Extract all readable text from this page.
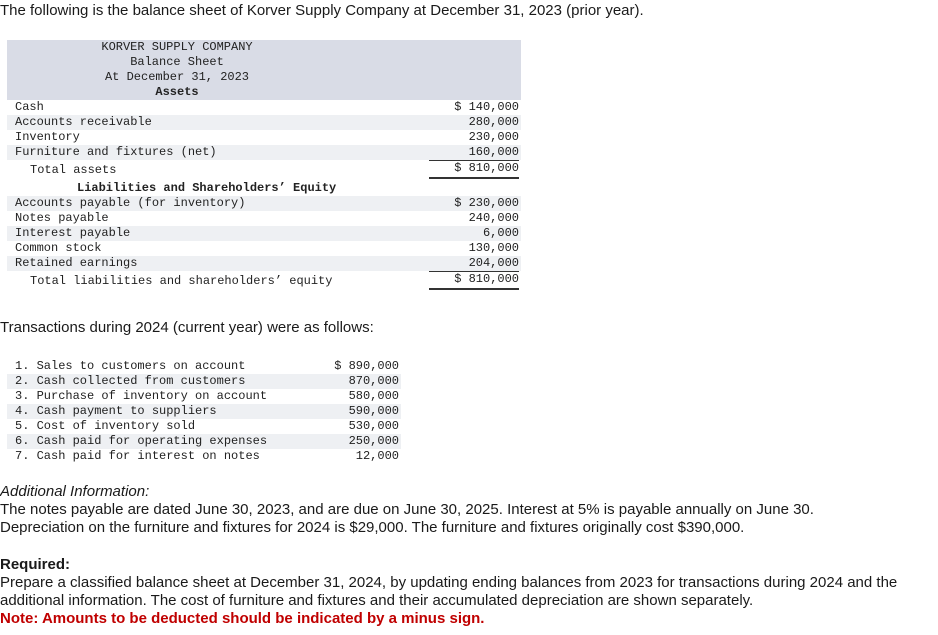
The following is the balance sheet of Korver Supply Company at December 31, 2023 (prior year).
KORVER SUPPLY COMPANY
Balance Sheet
At December 31, 2023
Assets
Cash	$ 140,000
Accounts receivable	280,000
Inventory	230,000
Furniture and fixtures (net)	160,000
Total assets	$ 810,000
Liabilities and Shareholders’ Equity
Accounts payable (for inventory)	$ 230,000
Notes payable	240,000
Interest payable	6,000
Common stock	130,000
Retained earnings	204,000
Total liabilities and shareholders’ equity	$ 810,000
Transactions during 2024 (current year) were as follows:
1. Sales to customers on account	$ 890,000
2. Cash collected from customers	870,000
3. Purchase of inventory on account	580,000
4. Cash payment to suppliers	590,000
5. Cost of inventory sold	530,000
6. Cash paid for operating expenses	250,000
7. Cash paid for interest on notes	12,000
Additional Information:
The notes payable are dated June 30, 2023, and are due on June 30, 2025. Interest at 5% is payable annually on June 30.
Depreciation on the furniture and fixtures for 2024 is $29,000. The furniture and fixtures originally cost $390,000.
Required:
Prepare a classified balance sheet at December 31, 2024, by updating ending balances from 2023 for transactions during 2024 and the additional information. The cost of furniture and fixtures and their accumulated depreciation are shown separately.
Note: Amounts to be deducted should be indicated by a minus sign.
